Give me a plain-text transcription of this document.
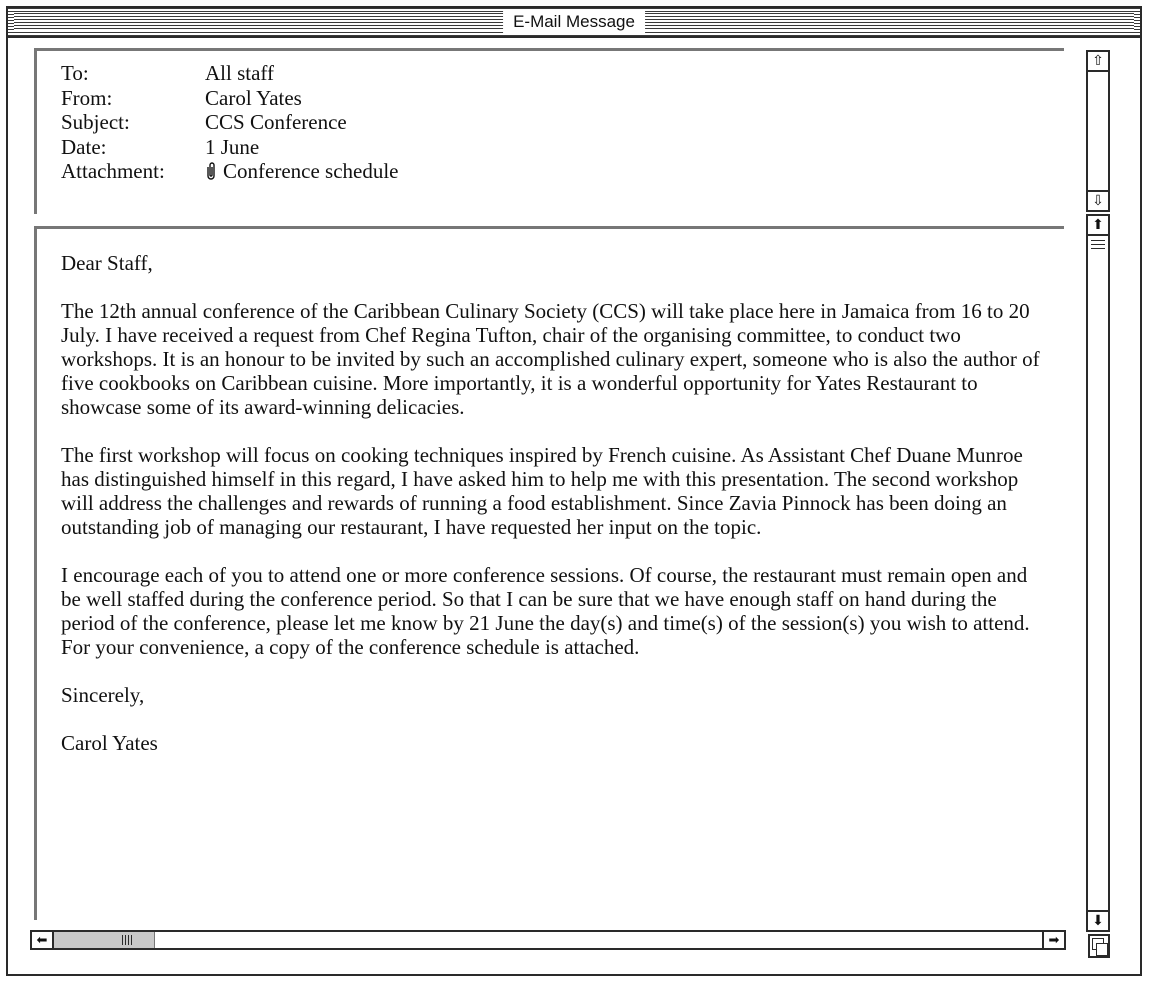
E-Mail Message
To:	All staff
From:	Carol Yates
Subject:	CCS Conference
Date:	1 June
Attachment:	Conference schedule
⇧
⇩

Dear Staff,

The 12th annual conference of the Caribbean Culinary Society (CCS) will take place here in Jamaica from 16 to 20 July. I have received a request from Chef Regina Tufton, chair of the organising committee, to conduct two workshops. It is an honour to be invited by such an accomplished culinary expert, someone who is also the author of five cookbooks on Caribbean cuisine. More importantly, it is a wonderful opportunity for Yates Restaurant to showcase some of its award-winning delicacies.

The first workshop will focus on cooking techniques inspired by French cuisine. As Assistant Chef Duane Munroe has distinguished himself in this regard, I have asked him to help me with this presentation. The second workshop will address the challenges and rewards of running a food establishment. Since Zavia Pinnock has been doing an outstanding job of managing our restaurant, I have requested her input on the topic.

I encourage each of you to attend one or more conference sessions. Of course, the restaurant must remain open and be well staffed during the conference period. So that I can be sure that we have enough staff on hand during the period of the conference, please let me know by 21 June the day(s) and time(s) of the session(s) you wish to attend. For your convenience, a copy of the conference schedule is attached.

Sincerely,

Carol Yates

⬆
⬇
⬅	➡
